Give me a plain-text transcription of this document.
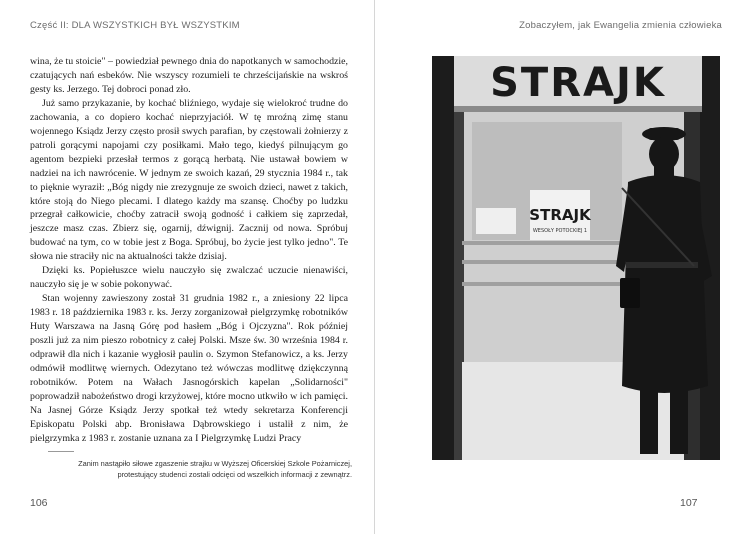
Część II: DLA WSZYSTKICH BYŁ WSZYSTKIM

wina, że tu stoicie" – powiedział pewnego dnia do napotkanych w samochodzie, czatujących nań esbeków. Nie wszyscy rozumieli te chrześcijańskie na wskroś gesty ks. Jerzego. Tej dobroci ponad zło.

Już samo przykazanie, by kochać bliźniego, wydaje się wielokroć trudne do zachowania, a co dopiero kochać nieprzyjaciół. W tę mroźną zimę stanu wojennego Ksiądz Jerzy często prosił swych parafian, by częstowali żołnierzy z patroli gorącymi napojami czy posiłkami. Mało tego, kiedyś pilnującym go agentom bezpieki przesłał termos z gorącą herbatą. Nie ustawał bowiem w nadziei na ich nawrócenie. W jednym ze swoich kazań, 29 stycznia 1984 r., tak to pięknie wyraził: „Bóg nigdy nie zrezygnuje ze swoich dzieci, nawet z takich, które stoją do Niego plecami. I dlatego każdy ma szansę. Choćby po ludzku przegrał całkowicie, choćby zatracił swoją godność i całkiem się zaprzedał, jeszcze masz czas. Zbierz się, ogarnij, dźwignij. Zacznij od nowa. Spróbuj budować na tym, co w tobie jest z Boga. Spróbuj, bo życie jest tylko jedno". Te słowa nie straciły nic na aktualności także dzisiaj.

Dzięki ks. Popiełuszce wielu nauczyło się zwalczać uczucie nienawiści, nauczyło się je w sobie pokonywać.

Stan wojenny zawieszony został 31 grudnia 1982 r., a zniesiony 22 lipca 1983 r. 18 października 1983 r. ks. Jerzy zorganizował pielgrzymkę robotników Huty Warszawa na Jasną Górę pod hasłem „Bóg i Ojczyzna". Rok później poszli już za nim pieszo robotnicy z całej Polski. Msze św. 30 września 1984 r. odprawił dla nich i kazanie wygłosił paulin o. Szymon Stefanowicz, a ks. Jerzy odmówił modlitwę wiernych. Odezytano też wówczas modlitwę dziękczynną robotników. Potem na Wałach Jasnogórskich kapelan „Solidarności" poprowadził nabożeństwo drogi krzyżowej, które mocno utkwiło w ich pamięci. Na Jasnej Górze Ksiądz Jerzy spotkał też wtedy sekretarza Konferencji Episkopatu Polski abp. Bronisława Dąbrowskiego i ustalił z nim, że pielgrzymka z 1983 r. zostanie uznana za I Pielgrzymkę Ludzi Pracy

Zanim nastąpiło siłowe zgaszenie strajku w Wyższej Oficerskiej Szkole Pożarniczej, protestujący studenci zostali odcięci od wszelkich informacji z zewnątrz.
106
Zobaczyłem, jak Ewangelia zmienia człowieka
STRAJK
WESOŁY POTOCKIEJ 1
STRAJK
107
